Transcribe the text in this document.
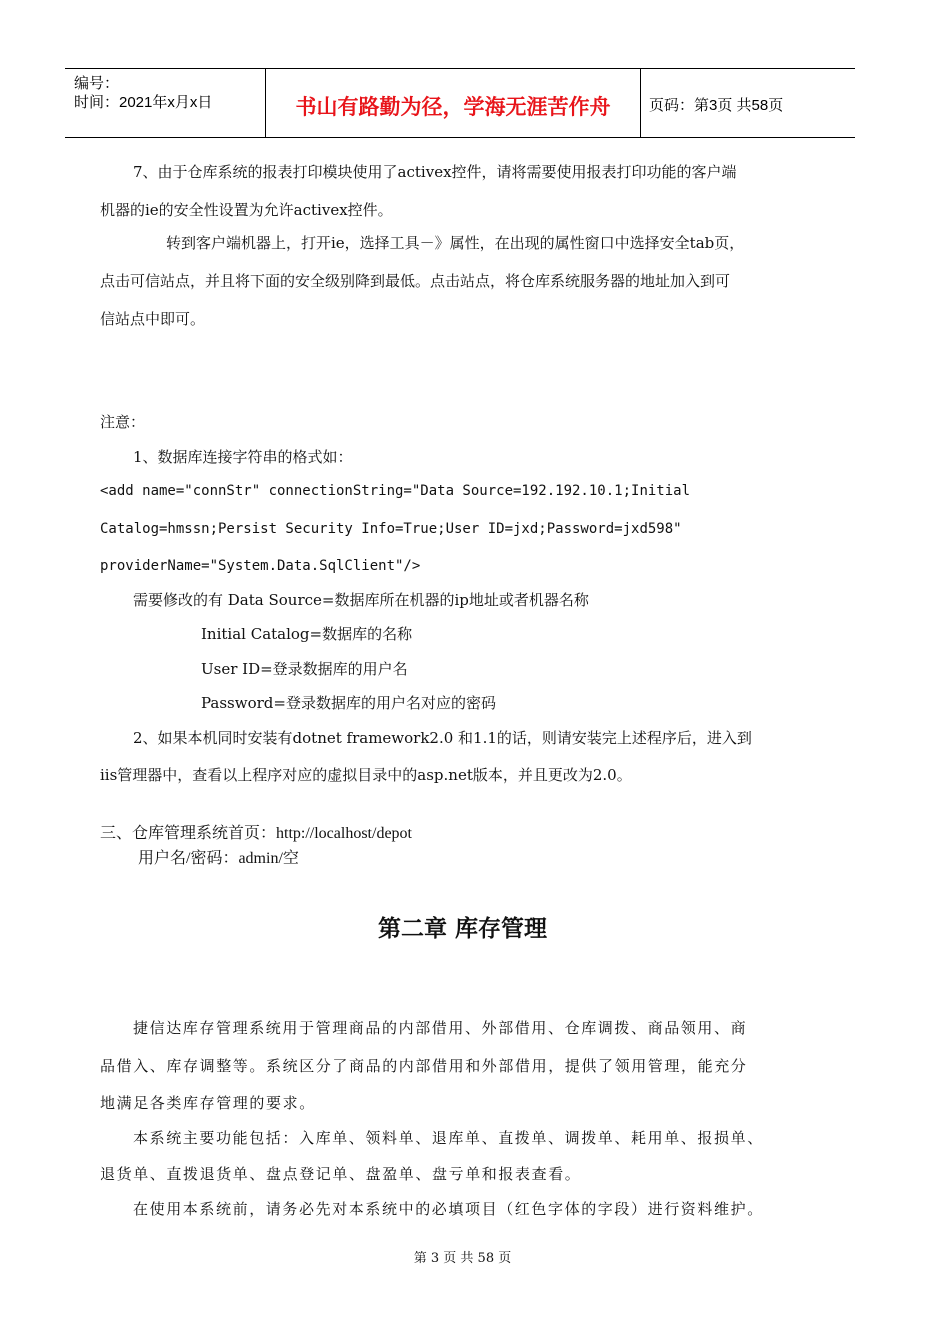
编号：
时间：2021年x月x日	书山有路勤为径，学海无涯苦作舟	页码：第3页 共58页
7、由于仓库系统的报表打印模块使用了activex控件，请将需要使用报表打印功能的客户端
机器的ie的安全性设置为允许activex控件。
转到客户端机器上，打开ie，选择工具－》属性，在出现的属性窗口中选择安全tab页，
点击可信站点，并且将下面的安全级别降到最低。点击站点，将仓库系统服务器的地址加入到可
信站点中即可。
注意：
1、数据库连接字符串的格式如：
<add name="connStr" connectionString="Data Source=192.192.10.1;Initial
Catalog=hmssn;Persist Security Info=True;User ID=jxd;Password=jxd598"
providerName="System.Data.SqlClient"/>
需要修改的有 Data Source=数据库所在机器的ip地址或者机器名称
Initial Catalog=数据库的名称
User ID=登录数据库的用户名
Password=登录数据库的用户名对应的密码
2、如果本机同时安装有dotnet framework2.0 和1.1的话，则请安装完上述程序后，进入到
iis管理器中，查看以上程序对应的虚拟目录中的asp.net版本，并且更改为2.0。
三、仓库管理系统首页：http://localhost/depot
用户名/密码：admin/空
第二章 库存管理
捷信达库存管理系统用于管理商品的内部借用、外部借用、仓库调拨、商品领用、商
品借入、库存调整等。系统区分了商品的内部借用和外部借用，提供了领用管理，能充分
地满足各类库存管理的要求。
本系统主要功能包括：入库单、领料单、退库单、直拨单、调拨单、耗用单、报损单、
退货单、直拨退货单、盘点登记单、盘盈单、盘亏单和报表查看。
在使用本系统前，请务必先对本系统中的必填项目（红色字体的字段）进行资料维护。
第 3 页 共 58 页
